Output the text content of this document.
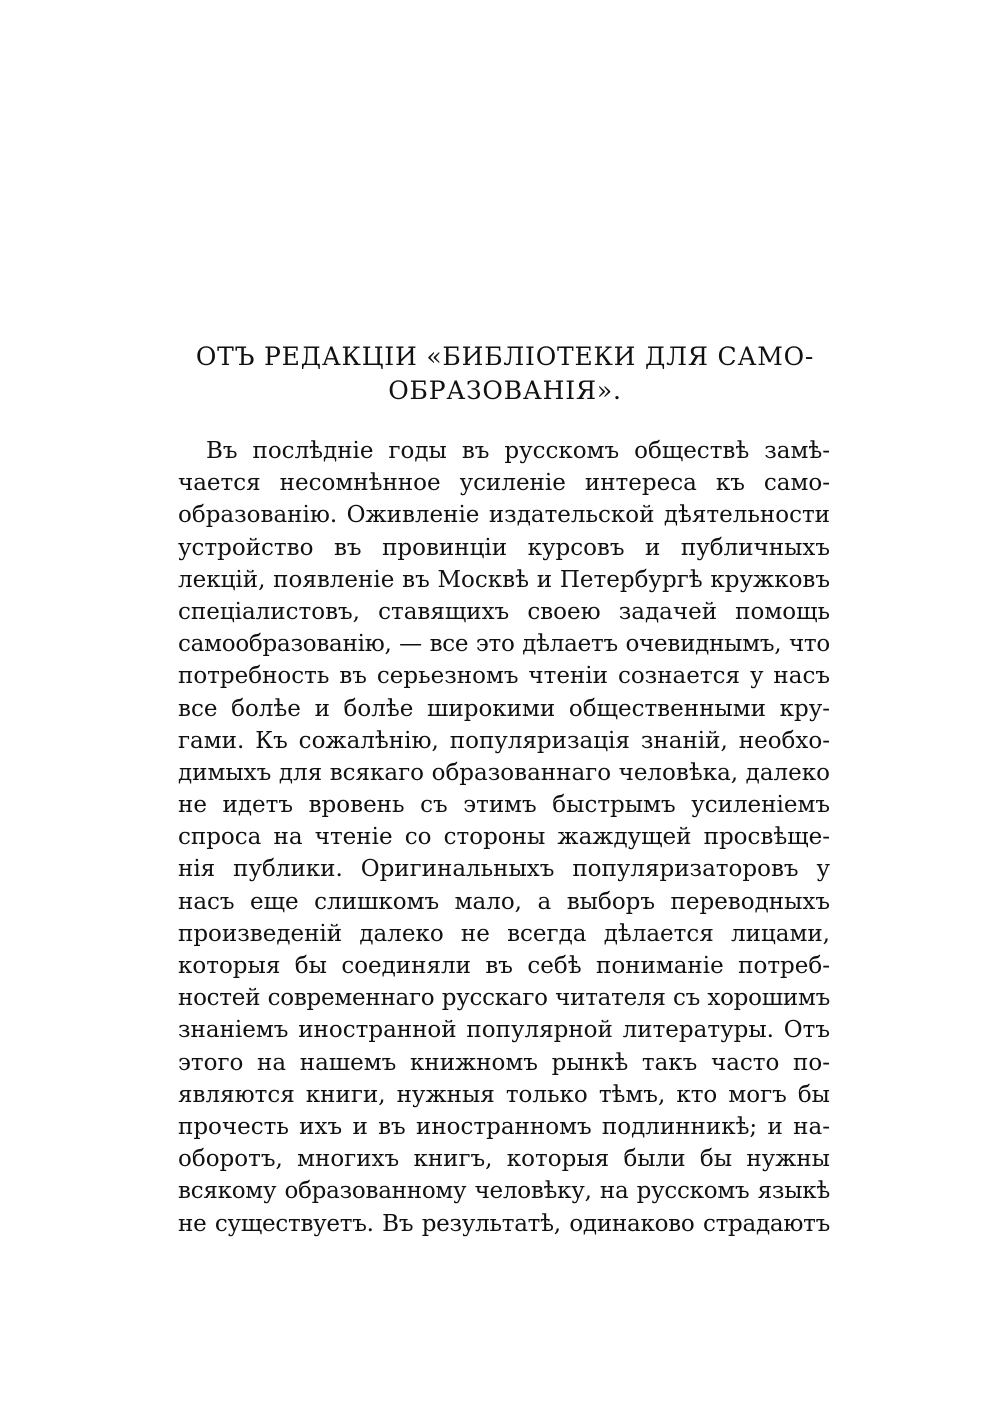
ОТЪ РЕДАКЦІИ «БИБЛІОТЕКИ ДЛЯ САМО-
ОБРАЗОВАНІЯ».
Въ послѣдніе годы въ русскомъ обществѣ замѣ-
чается несомнѣнное усиленіе интереса къ само-
образованію. Оживленіе издательской дѣятельности
устройство въ провинціи курсовъ и публичныхъ
лекцій, появленіе въ Москвѣ и Петербургѣ кружковъ
спеціалистовъ, ставящихъ своею задачей помощь
самообразованію, — все это дѣлаетъ очевиднымъ, что
потребность въ серьезномъ чтеніи сознается у насъ
все болѣе и болѣе широкими общественными кру-
гами. Къ сожалѣнію, популяризація знаній, необхо-
димыхъ для всякаго образованнаго человѣка, далеко
не идетъ вровень съ этимъ быстрымъ усиленіемъ
спроса на чтеніе со стороны жаждущей просвѣще-
нія публики. Оригинальныхъ популяризаторовъ у
насъ еще слишкомъ мало, а выборъ переводныхъ
произведеній далеко не всегда дѣлается лицами,
которыя бы соединяли въ себѣ пониманіе потреб-
ностей современнаго русскаго читателя съ хорошимъ
знаніемъ иностранной популярной литературы. Отъ
этого на нашемъ книжномъ рынкѣ такъ часто по-
являются книги, нужныя только тѣмъ, кто могъ бы
прочесть ихъ и въ иностранномъ подлинникѣ; и на-
оборотъ, многихъ книгъ, которыя были бы нужны
всякому образованному человѣку, на русскомъ языкѣ
не существуетъ. Въ результатѣ, одинаково страдаютъ
